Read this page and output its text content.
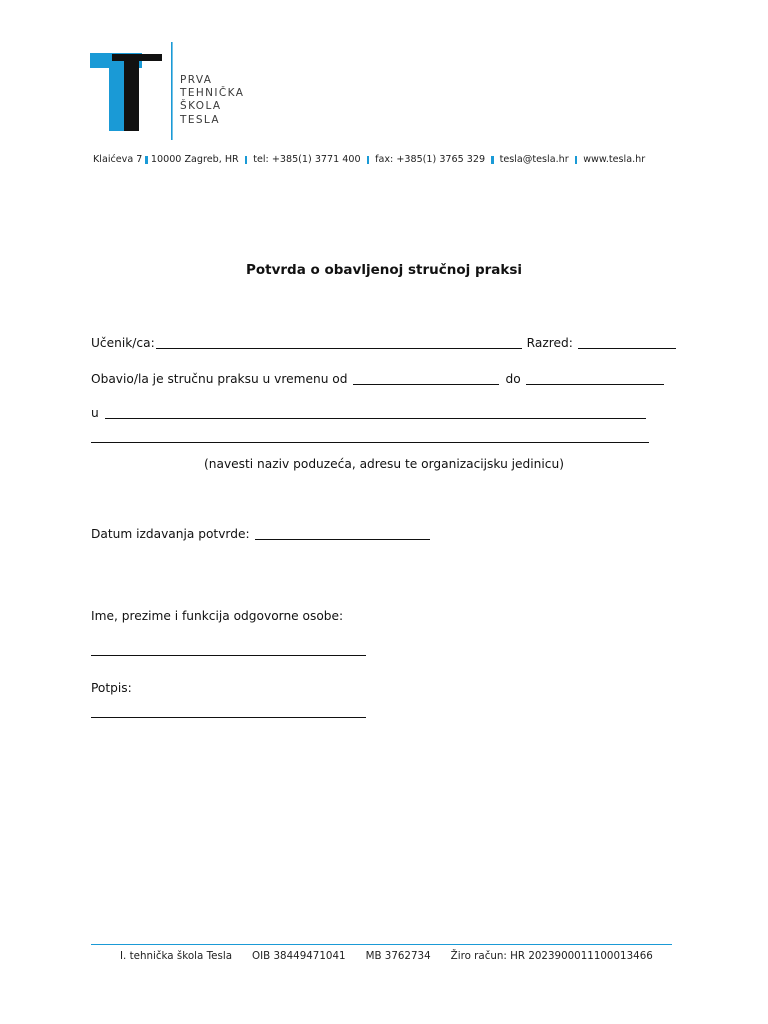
PRVA
TEHNIČKA
ŠKOLA
TESLA
Klaićeva 7 10000 Zagreb, HR tel: +385(1) 3771 400 fax: +385(1) 3765 329 tesla@tesla.hr www.tesla.hr
Potvrda o obavljenoj stručnoj praksi
Učenik/ca:	Razred:
Obavio/la je stručnu praksu u vremenu od	do
u
(navesti naziv poduzeća, adresu te organizacijsku jedinicu)
Datum izdavanja potvrde:
Ime, prezime i funkcija odgovorne osobe:
Potpis:
I. tehnička škola Tesla OIB 38449471041 MB 3762734 Žiro račun: HR 2023900011100013466
